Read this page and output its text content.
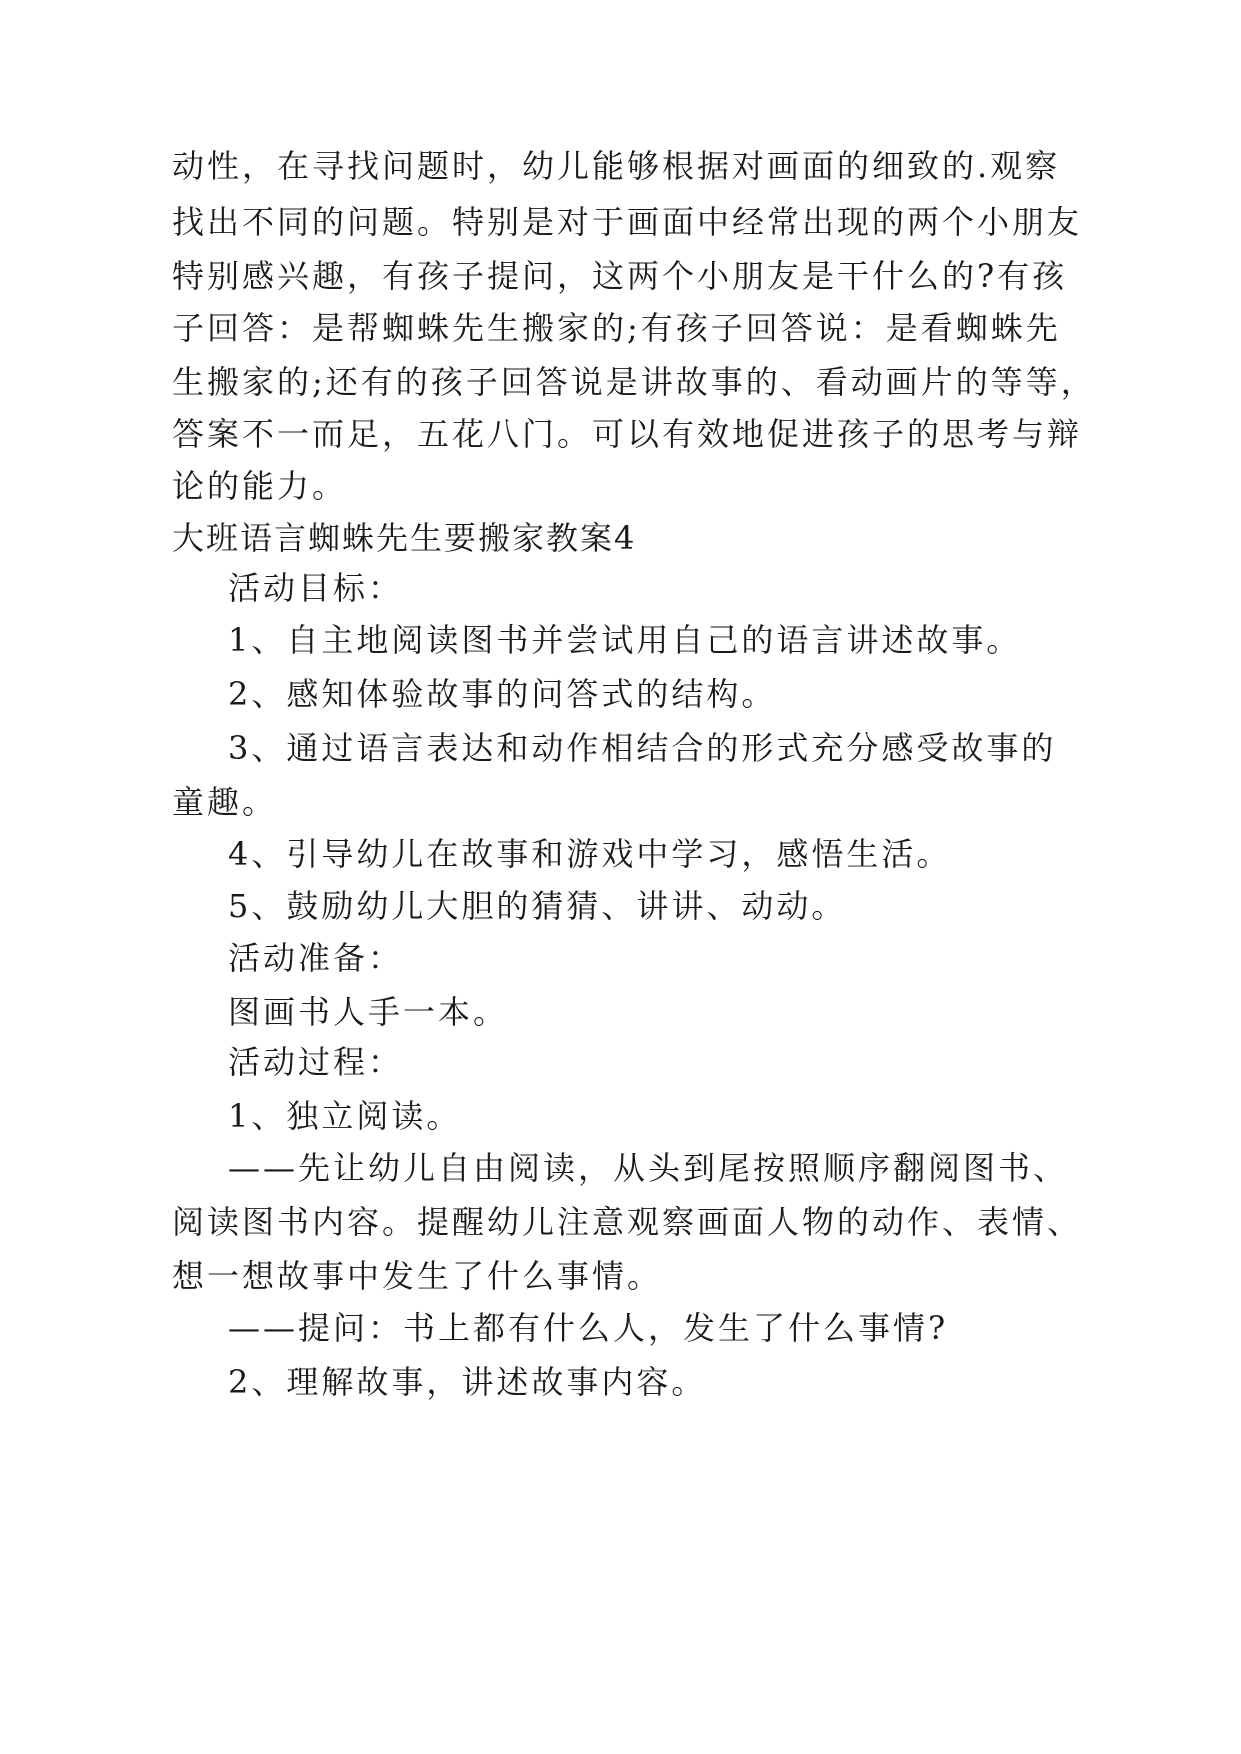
动性，在寻找问题时，幼儿能够根据对画面的细致的.观察
找出不同的问题。特别是对于画面中经常出现的两个小朋友
特别感兴趣，有孩子提问，这两个小朋友是干什么的?有孩
子回答：是帮蜘蛛先生搬家的;有孩子回答说：是看蜘蛛先
生搬家的;还有的孩子回答说是讲故事的、看动画片的等等，
答案不一而足，五花八门。可以有效地促进孩子的思考与辩
论的能力。
大班语言蜘蛛先生要搬家教案4
活动目标：
1、自主地阅读图书并尝试用自己的语言讲述故事。
2、感知体验故事的问答式的结构。
3、通过语言表达和动作相结合的形式充分感受故事的
童趣。
4、引导幼儿在故事和游戏中学习，感悟生活。
5、鼓励幼儿大胆的猜猜、讲讲、动动。
活动准备：
图画书人手一本。
活动过程：
1、独立阅读。
——先让幼儿自由阅读，从头到尾按照顺序翻阅图书、
阅读图书内容。提醒幼儿注意观察画面人物的动作、表情、
想一想故事中发生了什么事情。
——提问：书上都有什么人，发生了什么事情?
2、理解故事，讲述故事内容。
